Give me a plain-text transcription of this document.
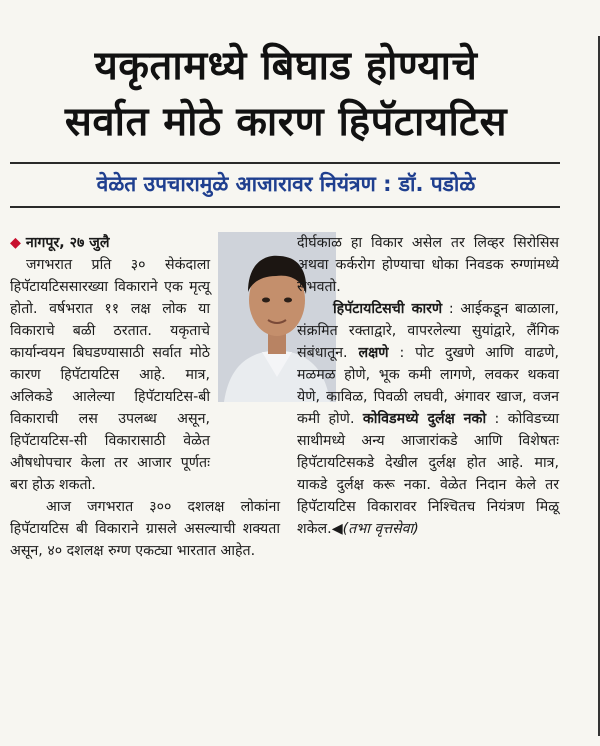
यकृतामध्ये बिघाड होण्याचे
सर्वात मोठे कारण हिपॅटायटिस
वेळेत उपचारामुळे आजारावर नियंत्रण : डॉ. पडोळे

◆ नागपूर, २७ जुलै
जगभरात प्रति ३० सेकंदाला हिपॅटायटिससारख्या विकाराने एक मृत्यू होतो. वर्षभरात ११ लक्ष लोक या विकाराचे बळी ठरतात. यकृताचे कार्यान्वयन बिघडण्यासाठी सर्वात मोठे कारण हिपॅटायटिस आहे. मात्र, अलिकडे आलेल्या हिपॅटायटिस-बी विकाराची लस उपलब्ध असून, हिपॅटायटिस-सी विकारासाठी वेळेत औषधोपचार केला तर आजार पूर्णतः बरा होऊ शकतो.

आज जगभरात ३०० दशलक्ष लोकांना हिपॅटायटिस बी विकाराने ग्रासले असल्याची शक्यता असून, ४० दशलक्ष रुग्ण एकट्या भारतात आहेत.

दीर्घकाळ हा विकार असेल तर लिव्हर सिरोसिस अथवा कर्करोग होण्याचा धोका निवडक रुग्णांमध्ये संभवतो.

हिपॅटायटिसची कारणे : आईकडून बाळाला, संक्रमित रक्ताद्वारे, वापरलेल्या सुयांद्वारे, लैंगिक संबंधातून. लक्षणे : पोट दुखणे आणि वाढणे, मळमळ होणे, भूक कमी लागणे, लवकर थकवा येणे, काविळ, पिवळी लघवी, अंगावर खाज, वजन कमी होणे. कोविडमध्ये दुर्लक्ष नको : कोविडच्या साथीमध्ये अन्य आजारांकडे आणि विशेषतः हिपॅटायटिसकडे देखील दुर्लक्ष होत आहे. मात्र, याकडे दुर्लक्ष करू नका. वेळेत निदान केले तर हिपॅटायटिस विकारावर निश्चितच नियंत्रण मिळू शकेल.◀(तभा वृत्तसेवा)
